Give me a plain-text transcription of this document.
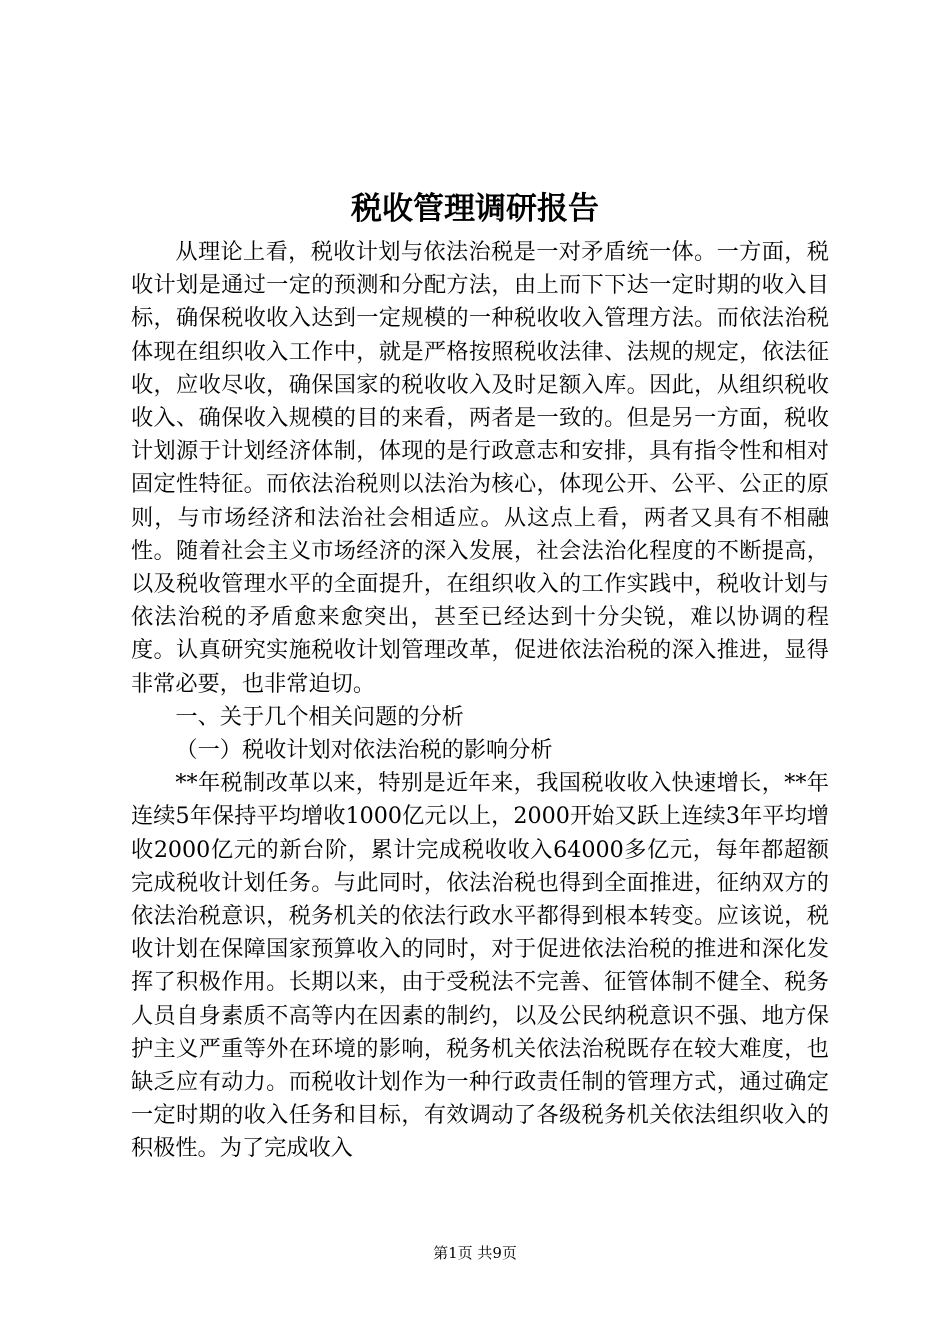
税收管理调研报告

从理论上看，税收计划与依法治税是一对矛盾统一体。一方面，税收计划是通过一定的预测和分配方法，由上而下下达一定时期的收入目标，确保税收收入达到一定规模的一种税收收入管理方法。而依法治税体现在组织收入工作中，就是严格按照税收法律、法规的规定，依法征收，应收尽收，确保国家的税收收入及时足额入库。因此，从组织税收收入、确保收入规模的目的来看，两者是一致的。但是另一方面，税收计划源于计划经济体制，体现的是行政意志和安排，具有指令性和相对固定性特征。而依法治税则以法治为核心，体现公开、公平、公正的原则，与市场经济和法治社会相适应。从这点上看，两者又具有不相融性。随着社会主义市场经济的深入发展，社会法治化程度的不断提高，以及税收管理水平的全面提升，在组织收入的工作实践中，税收计划与依法治税的矛盾愈来愈突出，甚至已经达到十分尖锐，难以协调的程度。认真研究实施税收计划管理改革，促进依法治税的深入推进，显得非常必要，也非常迫切。

一、关于几个相关问题的分析

（一）税收计划对依法治税的影响分析

**年税制改革以来，特别是近年来，我国税收收入快速增长，**年连续5年保持平均增收1000亿元以上，2000开始又跃上连续3年平均增收2000亿元的新台阶，累计完成税收收入64000多亿元，每年都超额完成税收计划任务。与此同时，依法治税也得到全面推进，征纳双方的依法治税意识，税务机关的依法行政水平都得到根本转变。应该说，税收计划在保障国家预算收入的同时，对于促进依法治税的推进和深化发挥了积极作用。长期以来，由于受税法不完善、征管体制不健全、税务人员自身素质不高等内在因素的制约，以及公民纳税意识不强、地方保护主义严重等外在环境的影响，税务机关依法治税既存在较大难度，也缺乏应有动力。而税收计划作为一种行政责任制的管理方式，通过确定一定时期的收入任务和目标，有效调动了各级税务机关依法组织收入的积极性。为了完成收入

第1页 共9页
